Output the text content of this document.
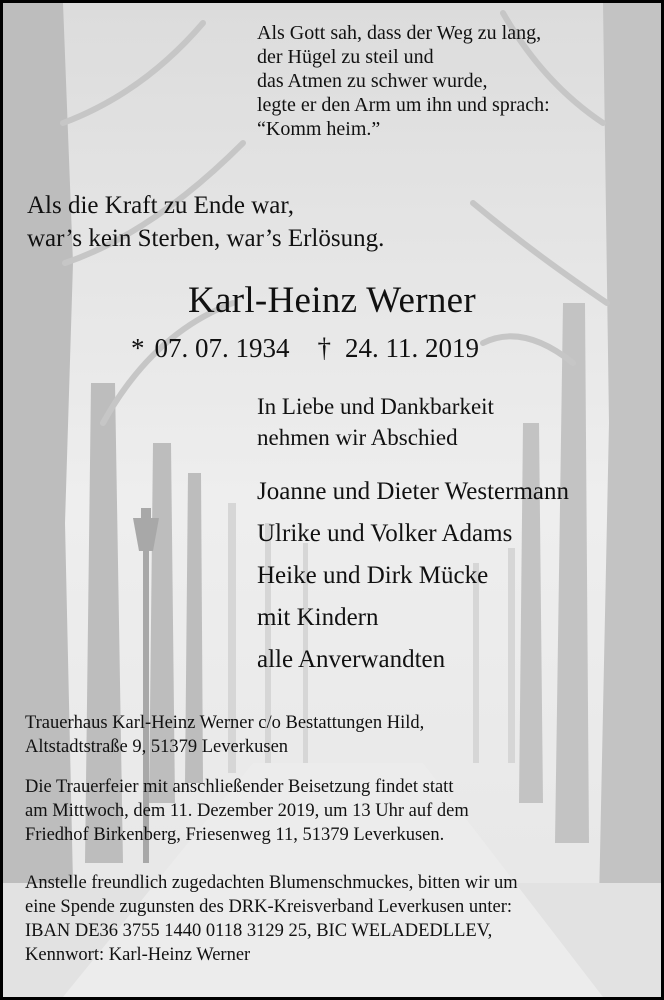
Als Gott sah, dass der Weg zu lang,
der Hügel zu steil und
das Atmen zu schwer wurde,
legte er den Arm um ihn und sprach:
“Komm heim.”
Als die Kraft zu Ende war,
war’s kein Sterben, war’s Erlösung.
Karl-Heinz Werner
* 07. 07. 1934 † 24. 11. 2019
In Liebe und Dankbarkeit
nehmen wir Abschied
Joanne und Dieter Westermann
Ulrike und Volker Adams
Heike und Dirk Mücke
mit Kindern
alle Anverwandten
Trauerhaus Karl-Heinz Werner c/o Bestattungen Hild,
Altstadtstraße 9, 51379 Leverkusen
Die Trauerfeier mit anschließender Beisetzung findet statt
am Mittwoch, dem 11. Dezember 2019, um 13 Uhr auf dem
Friedhof Birkenberg, Friesenweg 11, 51379 Leverkusen.
Anstelle freundlich zugedachten Blumenschmuckes, bitten wir um
eine Spende zugunsten des DRK-Kreisverband Leverkusen unter:
IBAN DE36 3755 1440 0118 3129 25, BIC WELADEDLLEV,
Kennwort: Karl-Heinz Werner
